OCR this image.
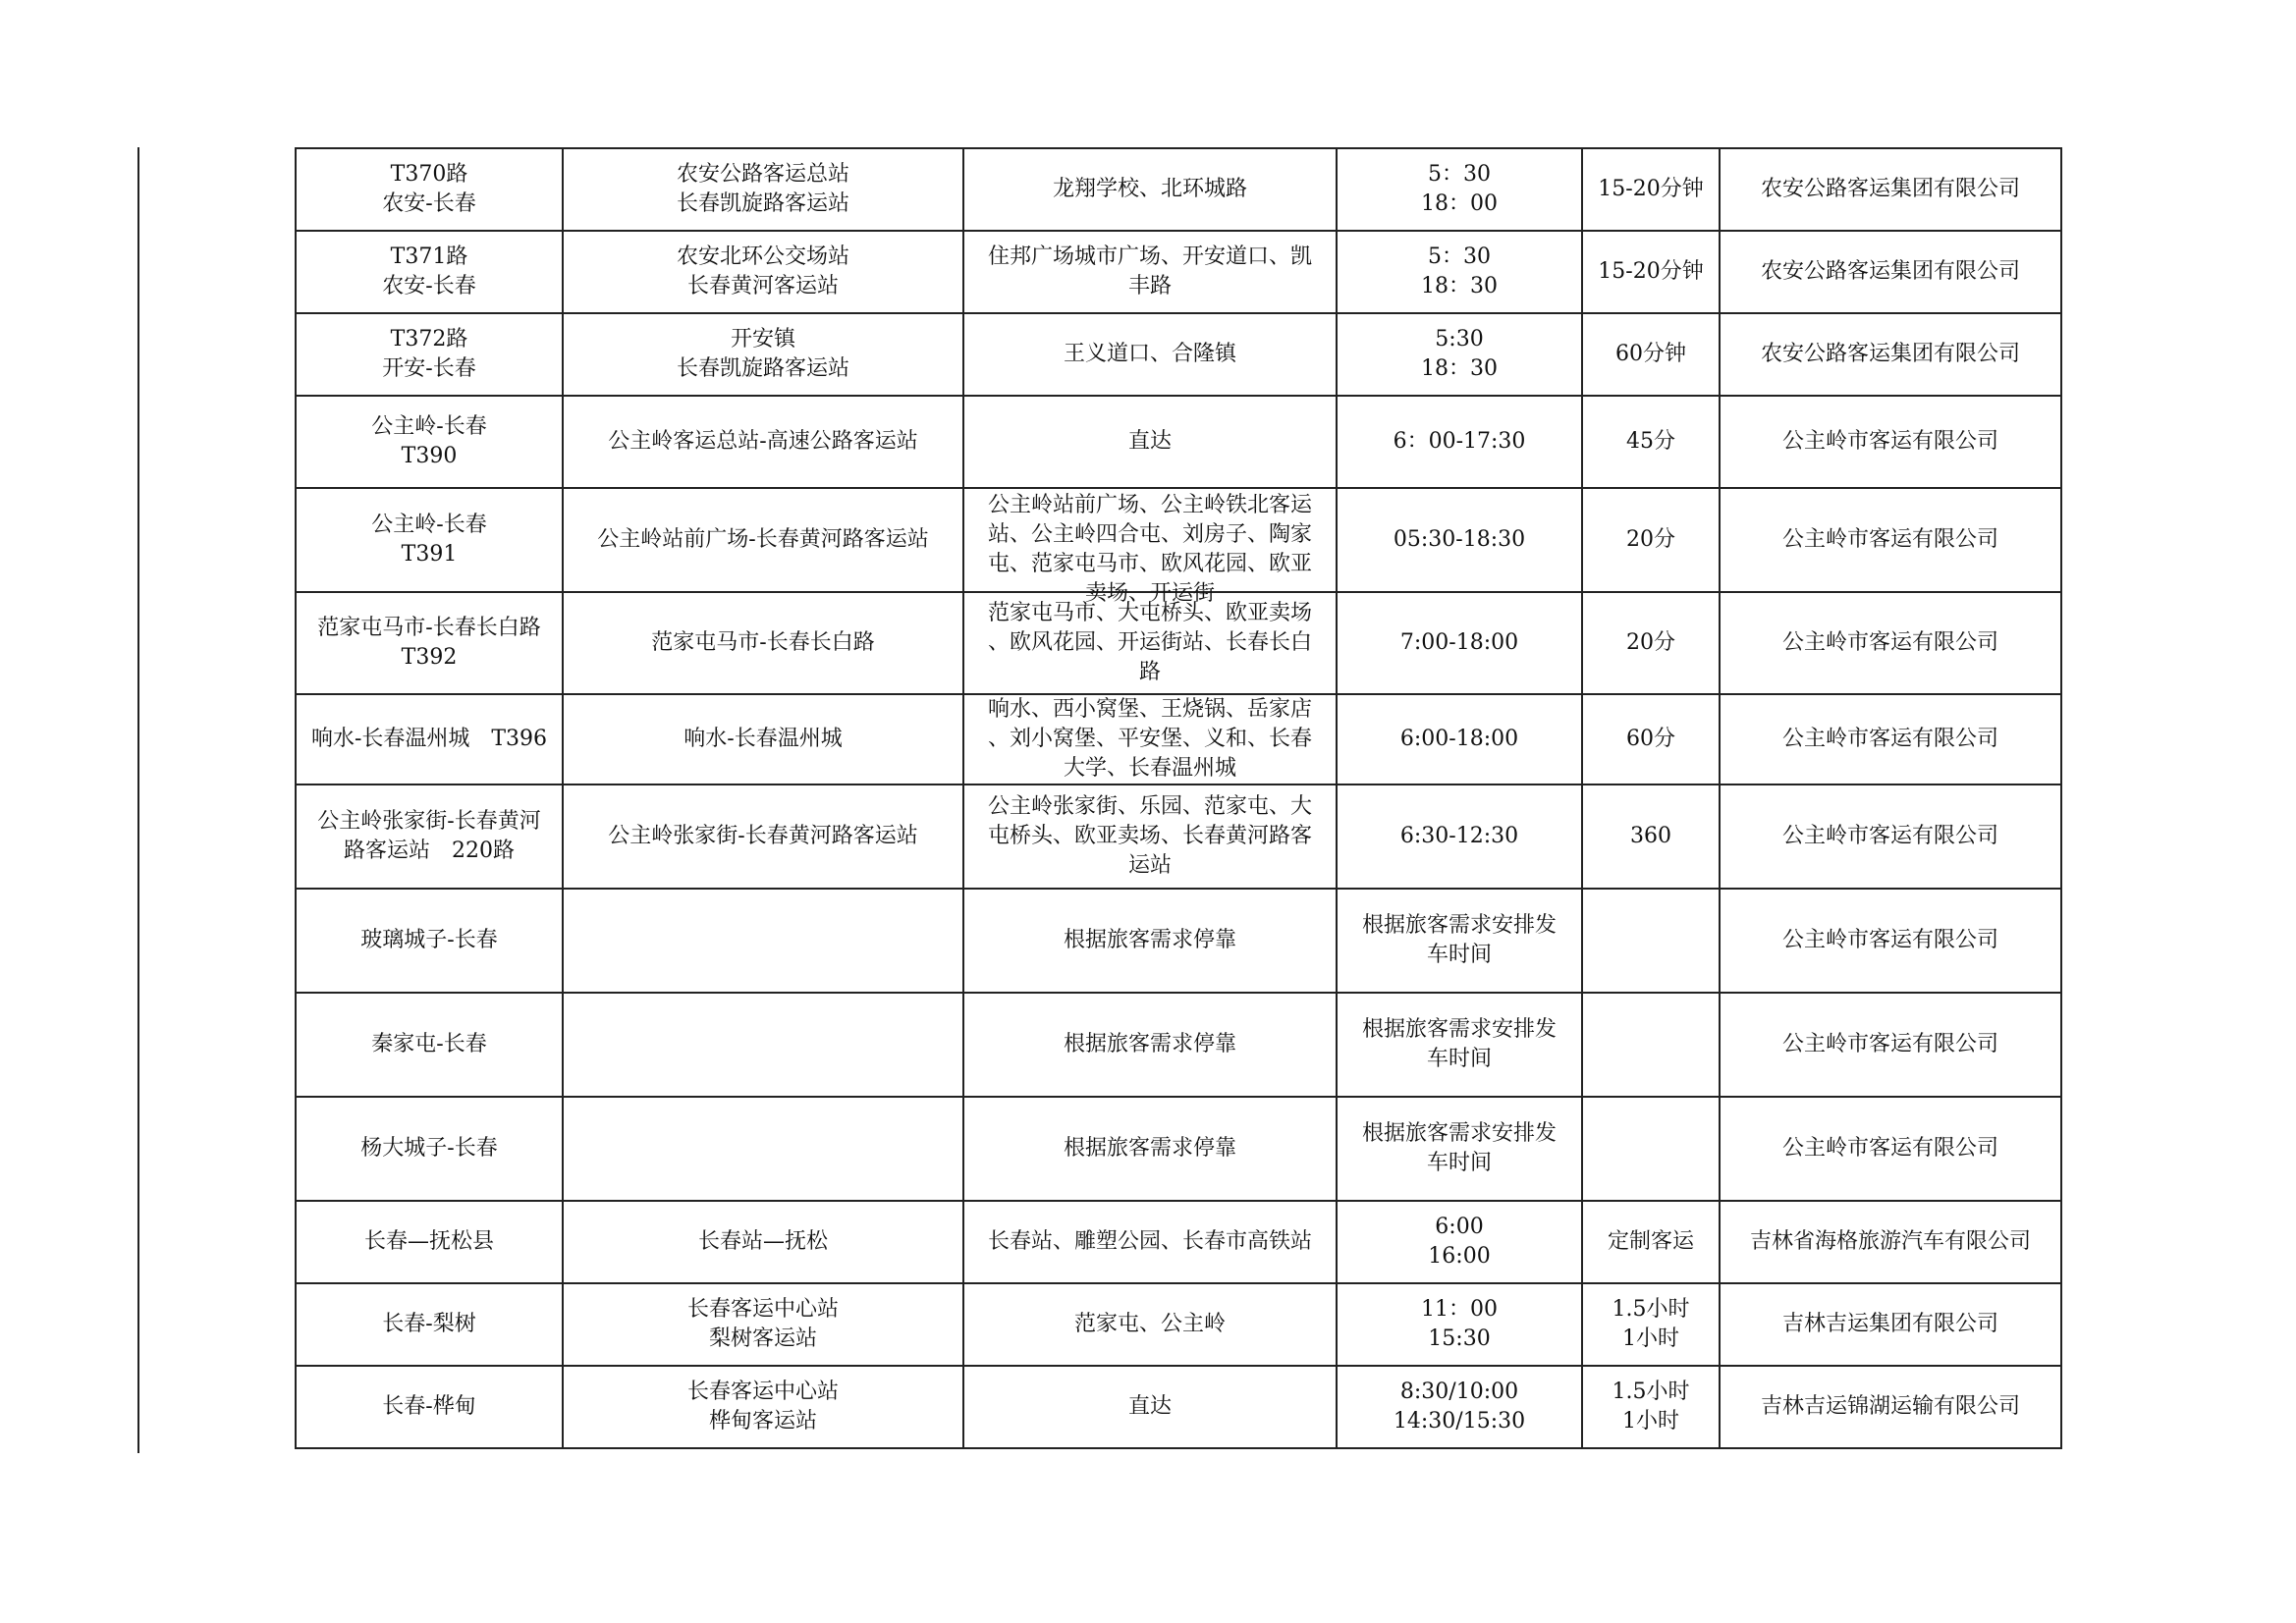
T370路
农安-长春	农安公路客运总站
长春凯旋路客运站	龙翔学校、北环城路	5：30
18：00	15-20分钟	农安公路客运集团有限公司

T371路
农安-长春	农安北环公交场站
长春黄河客运站	住邦广场城市广场、开安道口、凯
丰路	5：30
18：30	15-20分钟	农安公路客运集团有限公司

T372路
开安-长春	开安镇
长春凯旋路客运站	王义道口、合隆镇	5:30
18：30	60分钟	农安公路客运集团有限公司

公主岭-长春
T390	公主岭客运总站-高速公路客运站	直达	6：00-17:30	45分	公主岭市客运有限公司

公主岭-长春
T391	公主岭站前广场-长春黄河路客运站	公主岭站前广场、公主岭铁北客运
站、公主岭四合屯、刘房子、陶家
屯、范家屯马市、欧风花园、欧亚
卖场、开运街	05:30-18:30	20分	公主岭市客运有限公司

范家屯马市-长春长白路
T392	范家屯马市-长春长白路	范家屯马市、大屯桥头、欧亚卖场
、欧风花园、开运街站、长春长白
路	7:00-18:00	20分	公主岭市客运有限公司

响水-长春温州城　T396	响水-长春温州城	响水、西小窝堡、王烧锅、岳家店
、刘小窝堡、平安堡、义和、长春
大学、长春温州城	6:00-18:00	60分	公主岭市客运有限公司

公主岭张家街-长春黄河
路客运站　220路	公主岭张家街-长春黄河路客运站	公主岭张家街、乐园、范家屯、大
屯桥头、欧亚卖场、长春黄河路客
运站	6:30-12:30	360	公主岭市客运有限公司

玻璃城子-长春		根据旅客需求停靠	根据旅客需求安排发
车时间		公主岭市客运有限公司

秦家屯-长春		根据旅客需求停靠	根据旅客需求安排发
车时间		公主岭市客运有限公司

杨大城子-长春		根据旅客需求停靠	根据旅客需求安排发
车时间		公主岭市客运有限公司

长春—抚松县	长春站—抚松	长春站、雕塑公园、长春市高铁站	6:00
16:00	定制客运	吉林省海格旅游汽车有限公司

长春-梨树	长春客运中心站
梨树客运站	范家屯、公主岭	11：00
15:30	1.5小时
1小时	吉林吉运集团有限公司

长春-桦甸	长春客运中心站
桦甸客运站	直达	8:30/10:00
14:30/15:30	1.5小时
1小时	吉林吉运锦湖运输有限公司
